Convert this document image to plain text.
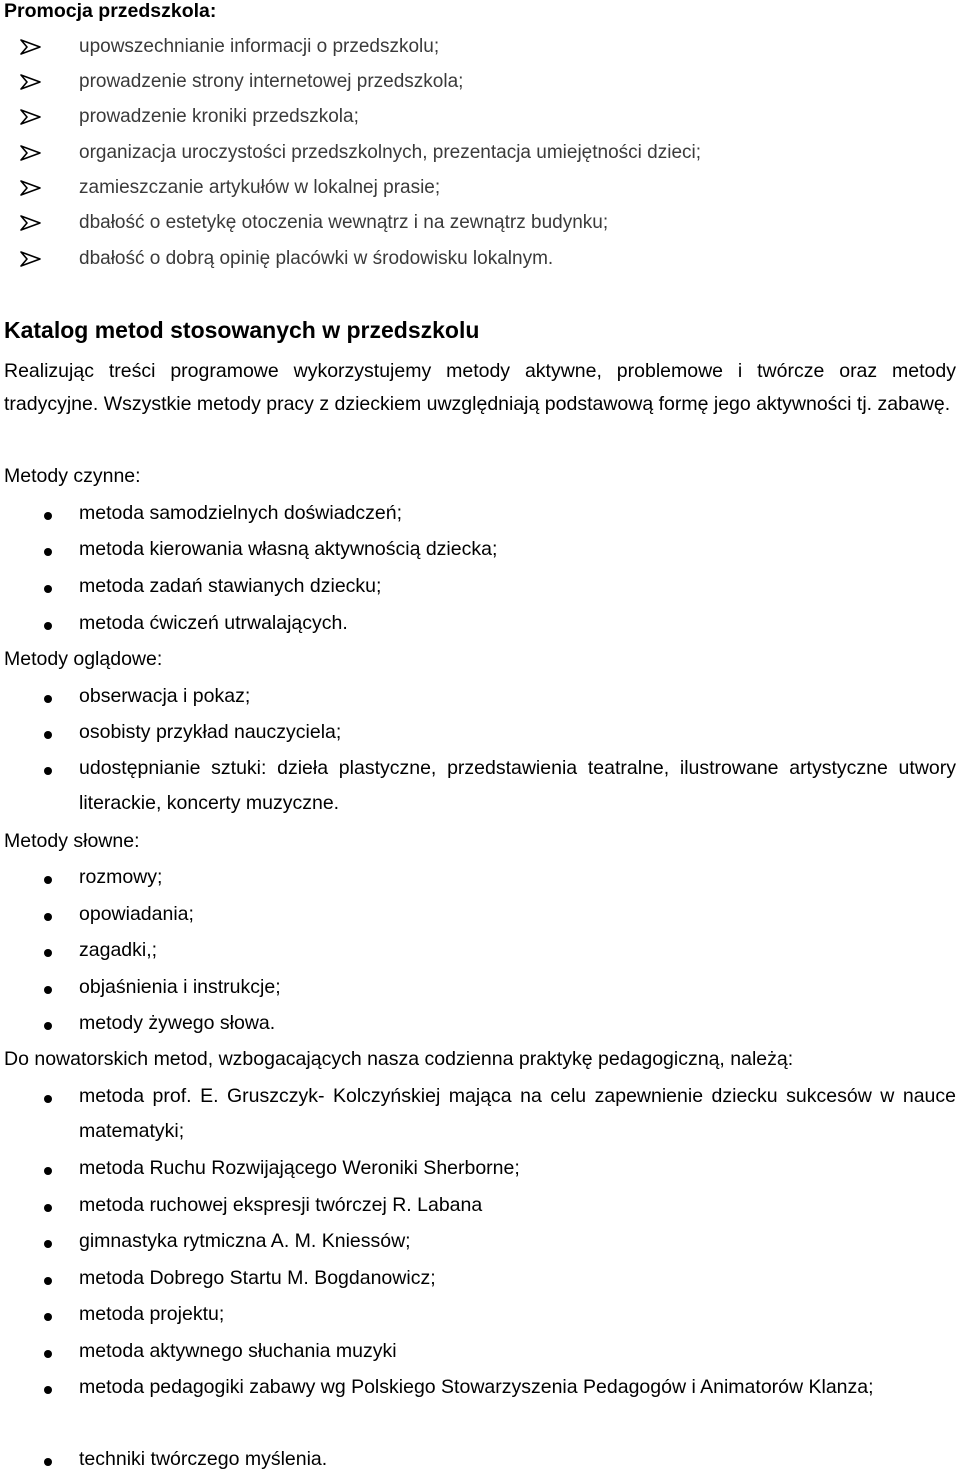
Promocja przedszkola:

upowszechnianie informacji o przedszkolu;
prowadzenie strony internetowej przedszkola;
prowadzenie kroniki przedszkola;
organizacja uroczystości przedszkolnych, prezentacja umiejętności dzieci;
zamieszczanie artykułów w lokalnej prasie;
dbałość o estetykę otoczenia wewnątrz i na zewnątrz budynku;
dbałość o dobrą opinię placówki w środowisku lokalnym.

Katalog metod stosowanych w przedszkolu

Realizując treści programowe wykorzystujemy metody aktywne, problemowe i twórcze oraz metody tradycyjne. Wszystkie metody pracy z dzieckiem uwzględniają podstawową formę jego aktywności tj. zabawę.

Metody czynne:

metoda samodzielnych doświadczeń;
metoda kierowania własną aktywnością dziecka;
metoda zadań stawianych dziecku;
metoda ćwiczeń utrwalających.

Metody oglądowe:

obserwacja i pokaz;
osobisty przykład nauczyciela;

udostępnianie sztuki: dzieła plastyczne, przedstawienia teatralne, ilustrowane artystyczne utwory literackie, koncerty muzyczne.

Metody słowne:

rozmowy;
opowiadania;
zagadki,;
objaśnienia i instrukcje;
metody żywego słowa.

Do nowatorskich metod, wzbogacających nasza codzienna praktykę pedagogiczną, należą:

metoda prof. E. Gruszczyk- Kolczyńskiej mająca na celu zapewnienie dziecku sukcesów w nauce matematyki;

metoda Ruchu Rozwijającego Weroniki Sherborne;
metoda ruchowej ekspresji twórczej R. Labana
gimnastyka rytmiczna A. M. Kniessów;
metoda Dobrego Startu M. Bogdanowicz;
metoda projektu;
metoda aktywnego słuchania muzyki

metoda pedagogiki zabawy wg Polskiego Stowarzyszenia Pedagogów i Animatorów Klanza;

techniki twórczego myślenia.
